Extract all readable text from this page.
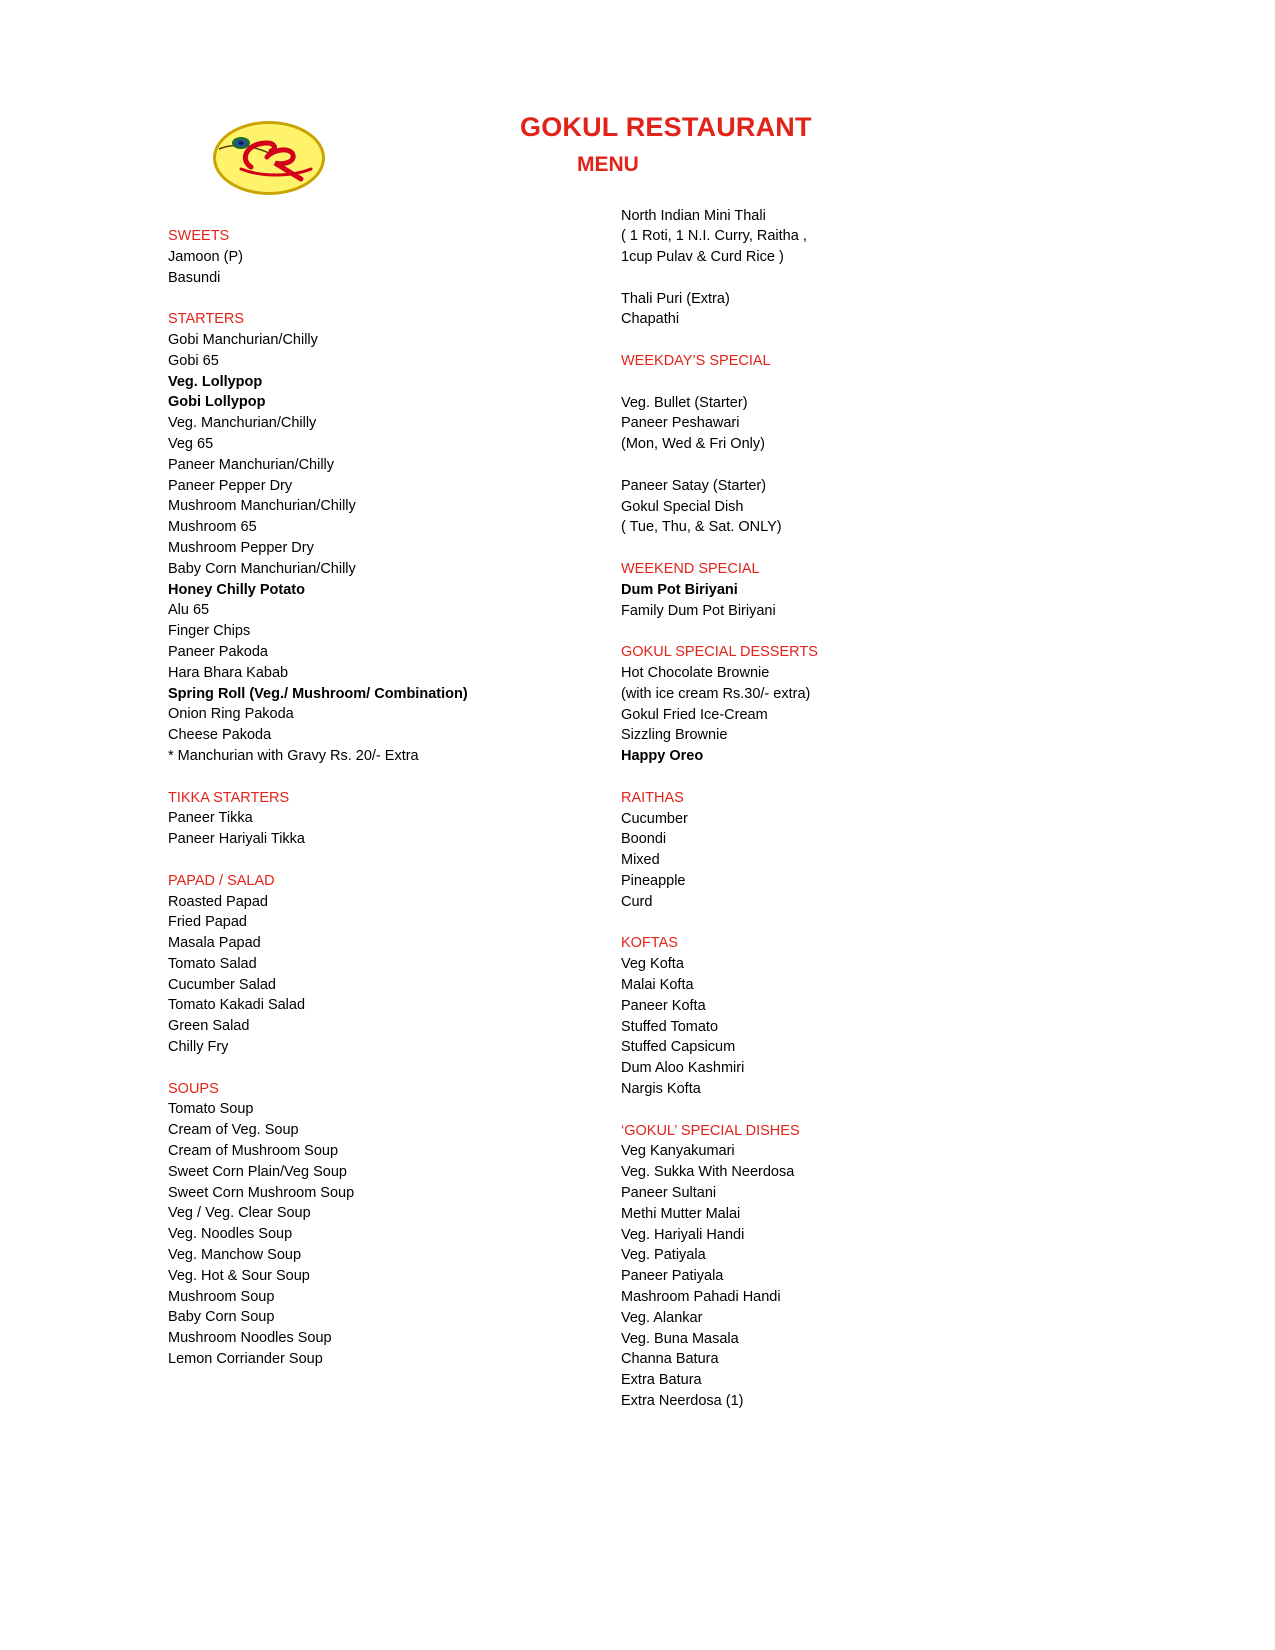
GOKUL RESTAURANT
MENU
SWEETS
Jamoon (P)
Basundi
STARTERS
Gobi Manchurian/Chilly
Gobi 65
Veg. Lollypop
Gobi Lollypop
Veg. Manchurian/Chilly
Veg 65
Paneer Manchurian/Chilly
Paneer Pepper Dry
Mushroom Manchurian/Chilly
Mushroom 65
Mushroom Pepper Dry
Baby Corn Manchurian/Chilly
Honey Chilly Potato
Alu 65
Finger Chips
Paneer Pakoda
Hara Bhara Kabab
Spring Roll (Veg./ Mushroom/ Combination)
Onion Ring Pakoda
Cheese Pakoda
* Manchurian with Gravy Rs. 20/- Extra
TIKKA STARTERS
Paneer Tikka
Paneer Hariyali Tikka
PAPAD / SALAD
Roasted Papad
Fried Papad
Masala Papad
Tomato Salad
Cucumber Salad
Tomato Kakadi Salad
Green Salad
Chilly Fry
SOUPS
Tomato Soup
Cream of Veg. Soup
Cream of Mushroom Soup
Sweet Corn Plain/Veg Soup
Sweet Corn Mushroom Soup
Veg / Veg. Clear Soup
Veg. Noodles Soup
Veg. Manchow Soup
Veg. Hot & Sour Soup
Mushroom Soup
Baby Corn Soup
Mushroom Noodles Soup
Lemon Corriander Soup
North Indian Mini Thali
( 1 Roti, 1 N.I. Curry, Raitha ,
1cup Pulav & Curd Rice )
Thali Puri (Extra)
Chapathi
WEEKDAY’S SPECIAL
Veg. Bullet (Starter)
Paneer Peshawari
(Mon, Wed & Fri Only)
Paneer Satay (Starter)
Gokul Special Dish
( Tue, Thu, & Sat. ONLY)
WEEKEND SPECIAL
Dum Pot Biriyani
Family Dum Pot Biriyani
GOKUL SPECIAL DESSERTS
Hot Chocolate Brownie
(with ice cream Rs.30/- extra)
Gokul Fried Ice-Cream
Sizzling Brownie
Happy Oreo
RAITHAS
Cucumber
Boondi
Mixed
Pineapple
Curd
KOFTAS
Veg Kofta
Malai Kofta
Paneer Kofta
Stuffed Tomato
Stuffed Capsicum
Dum Aloo Kashmiri
Nargis Kofta
‘GOKUL’ SPECIAL DISHES
Veg Kanyakumari
Veg. Sukka With Neerdosa
Paneer Sultani
Methi Mutter Malai
Veg. Hariyali Handi
Veg. Patiyala
Paneer Patiyala
Mashroom Pahadi Handi
Veg. Alankar
Veg. Buna Masala
Channa Batura
Extra Batura
Extra Neerdosa (1)
